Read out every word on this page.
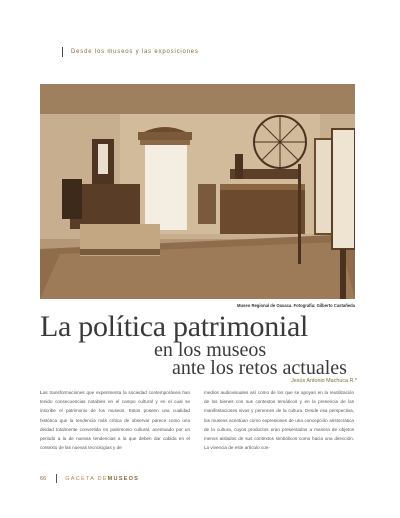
Desde los museos y las exposiciones
Museo Regional de Oaxaca. Fotografía: Gilberto Castañeda
La política patrimonial
en los museos
ante los retos actuales
Jesús Antonio Machuca R.*

Las transformaciones que experimenta la sociedad contemporánea han tenido consecuencias notables en el campo cultural y en el cual se inscribe el patrimonio de los museos. Estos poseen una cualidad histórica que la tendencia más crítica de observar parece como una deidad totalmente convertida en patrimonio cultural, acentuado por un periodo a la de nuevas tendencias a la que deben dar cabida en el contexto de las nuevas tecnologías y de

medios audiovisuales así como de los que se apoyan en la reutilización de los bienes con sus contextos temáticos y en la presencia de las manifestaciones vivas y perennes de la cultura. Desde esa perspectiva, los museos acentúan como expresiones de una concepción aristocrática de la cultura, cuyos productos eran presentados a manera de objetos menos aislados de sus contextos simbólicos como hacia una dirección. La vivencia de este artículo con-

66	GACETA DE MUSEOS
